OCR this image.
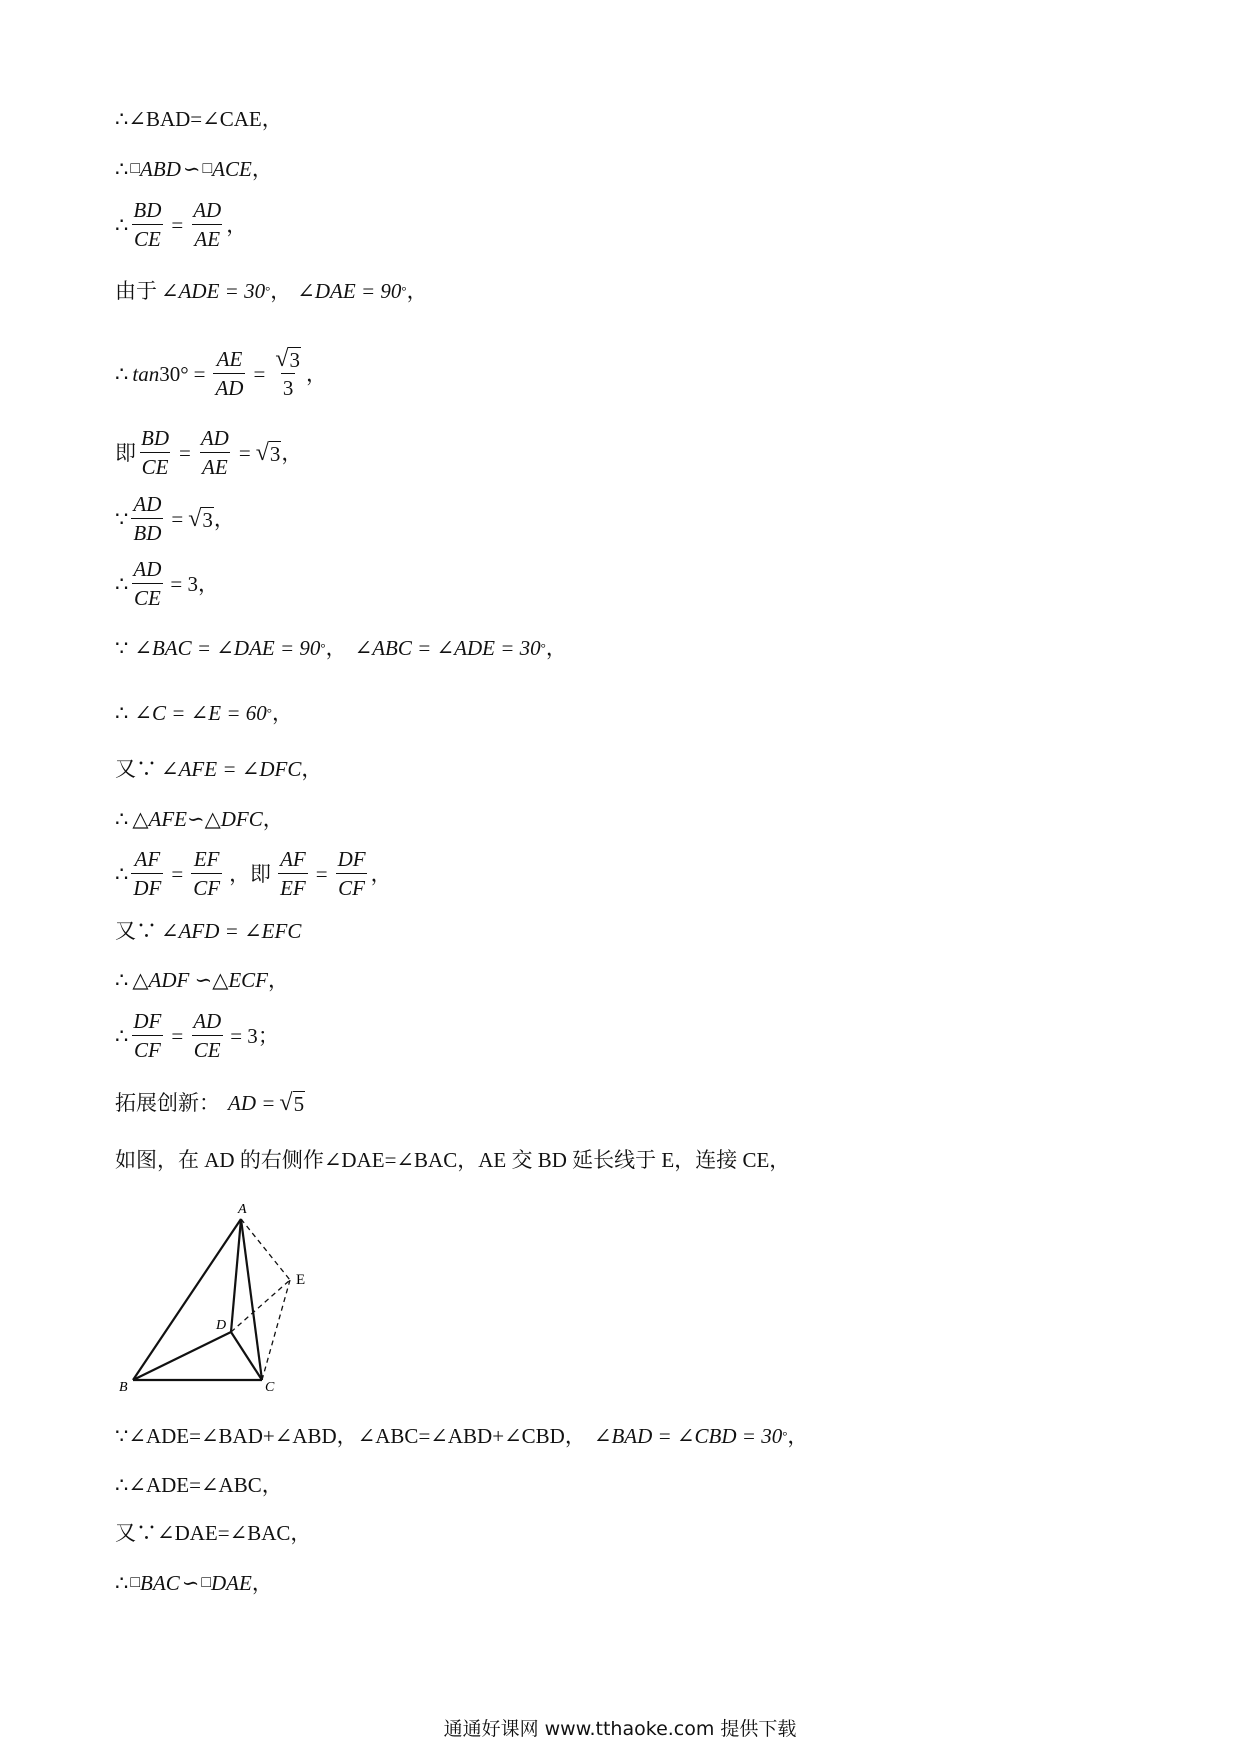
∴∠BAD=∠CAE，
∴ □ ABD ∽ □ ACE ，
∴ $\frac{BD}{CE} = \frac{AD}{AE}$ ，
由于 ∠ADE = 30 ° ， ∠DAE = 90 ° ，
∴ $\tan 30^\circ = \frac{AE}{AD} = \frac{√ 3}{3}$ ，
即 $\frac{BD}{CE} = \frac{AD}{AE}$ = √ 3 ，
∵ $\frac{AD}{BD}$ = √ 3 ，
∴ $\frac{AD}{CE} = 3$ ，
∵ ∠BAC = ∠DAE = 90 ° ， ∠ABC = ∠ADE = 30 ° ，
∴ ∠C = ∠E = 60 ° ，
又∵ ∠AFE = ∠DFC ，
∴ △AFE∽△DFC ，
∴ $\frac{AF}{DF} = \frac{EF}{CF}$ ，即 $\frac{AF}{EF} = \frac{DF}{CF}$ ，
又∵ ∠AFD = ∠EFC
∴ △ADF ∽△ECF ，
∴ $\frac{DF}{CF} = \frac{AD}{CE} = 3$ ；
拓展创新： AD = √ 5
如图，在 AD 的右侧作∠DAE=∠BAC，AE 交 BD 延长线于 E，连接 CE，
A
B	C
D
E
∵∠ADE=∠BAD+∠ABD，∠ABC=∠ABD+∠CBD， ∠BAD = ∠CBD = 30 ° ，
∴∠ADE=∠ABC，
又∵∠DAE=∠BAC，
∴ □ BAC ∽ □ DAE ，
通通好课网 www.tthaoke.com 提供下载
